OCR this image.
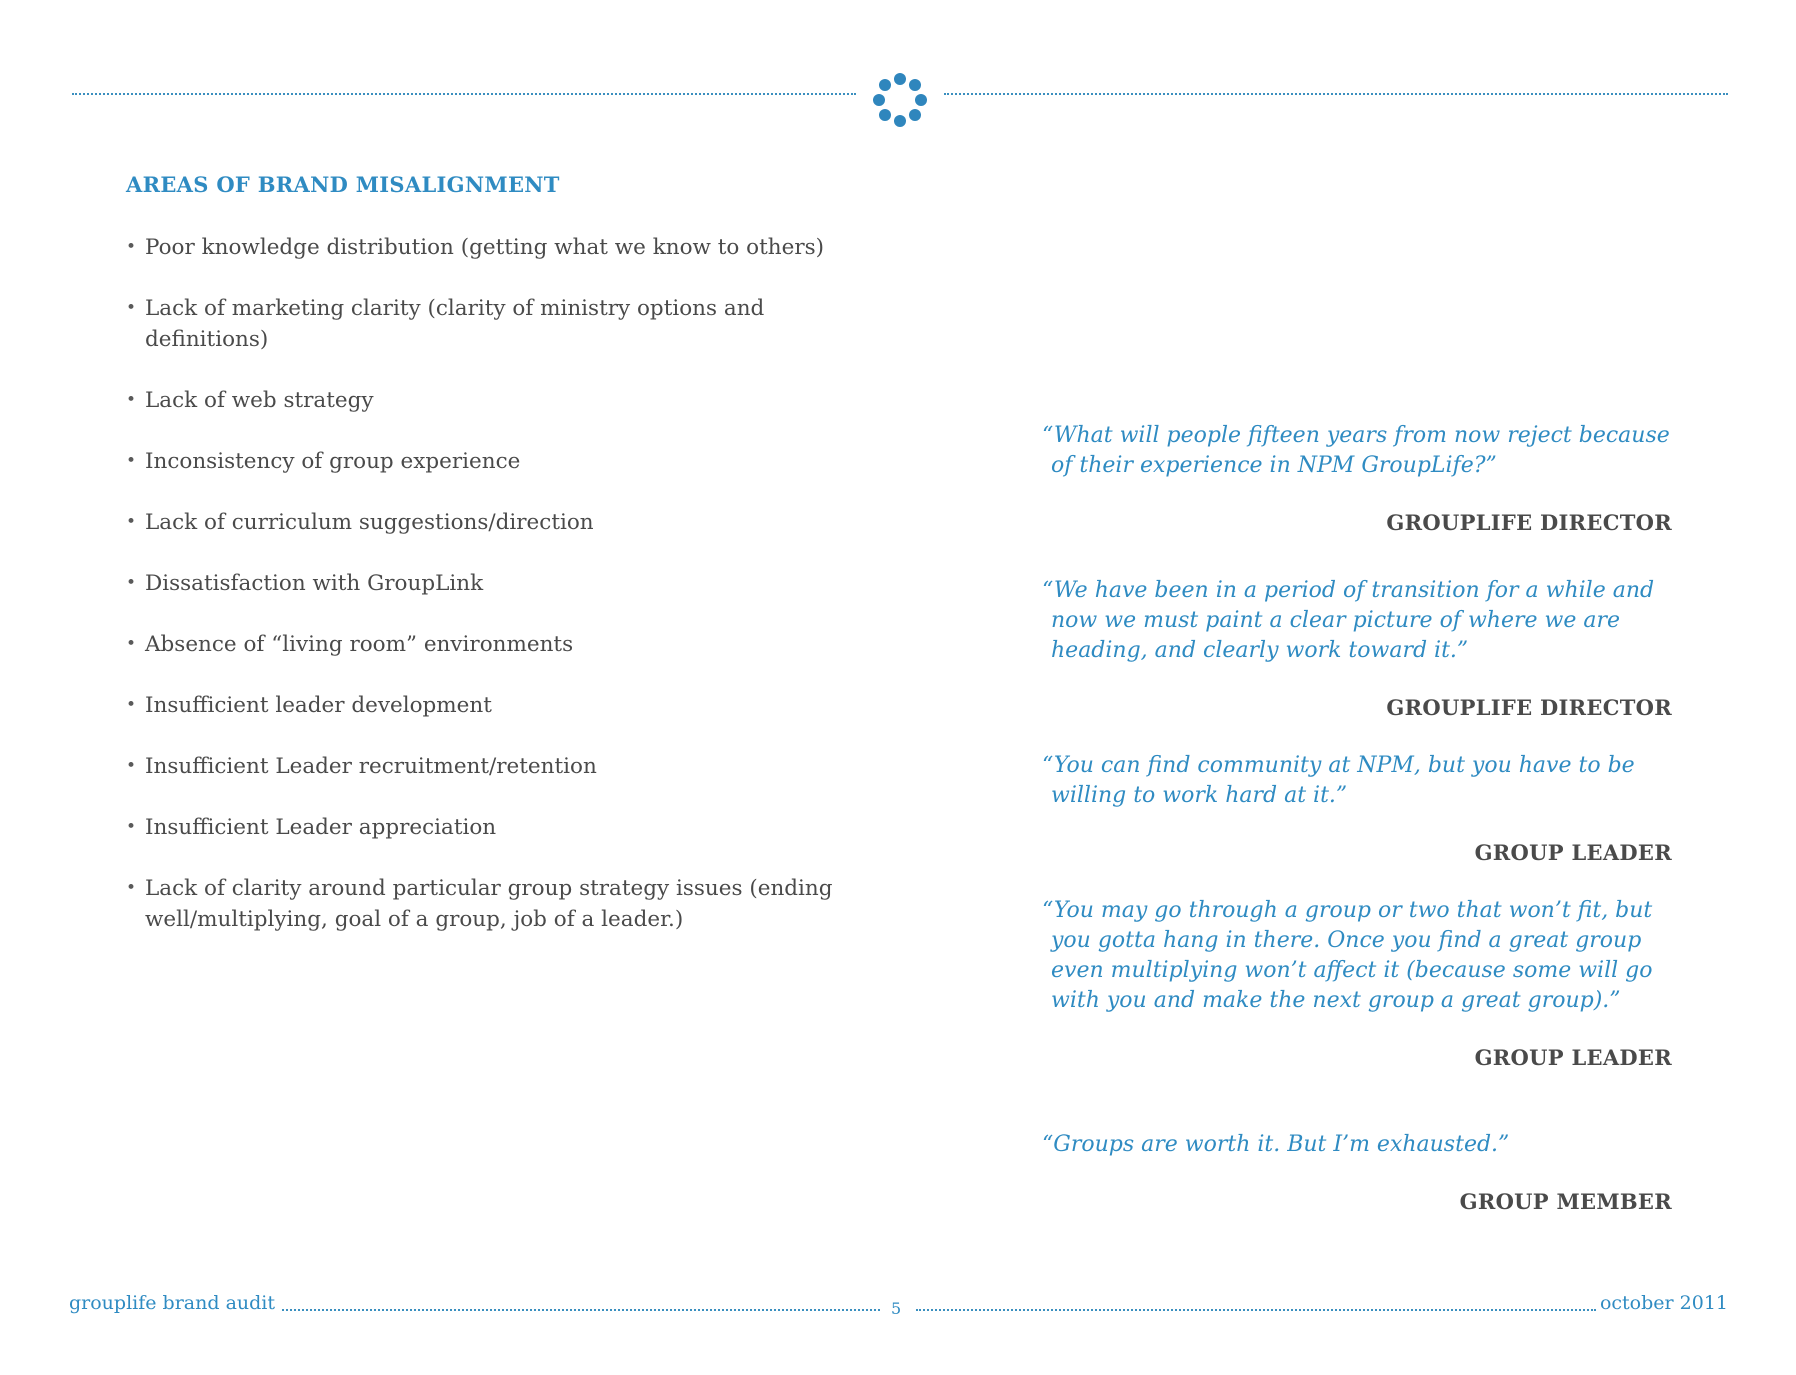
AREAS OF BRAND MISALIGNMENT
• Poor knowledge distribution (getting what we know to others)
• Lack of marketing clarity (clarity of ministry options and definitions)
• Lack of web strategy
• Inconsistency of group experience
• Lack of curriculum suggestions/direction
• Dissatisfaction with GroupLink
• Absence of “living room” environments
• Insufficient leader development
• Insufficient Leader recruitment/retention
• Insufficient Leader appreciation
• Lack of clarity around particular group strategy issues (ending well/multiplying, goal of a group, job of a leader.)

“What will people fifteen years from now reject because of their experience in NPM GroupLife?”

GROUPLIFE DIRECTOR

“We have been in a period of transition for a while and now we must paint a clear picture of where we are heading, and clearly work toward it.”

GROUPLIFE DIRECTOR

“You can find community at NPM, but you have to be willing to work hard at it.”

GROUP LEADER

“You may go through a group or two that won’t fit, but you gotta hang in there. Once you find a great group even multiplying won’t affect it (because some will go with you and make the next group a great group).”

GROUP LEADER

“Groups are worth it. But I’m exhausted.”

GROUP MEMBER

grouplife brand audit	5	october 2011
